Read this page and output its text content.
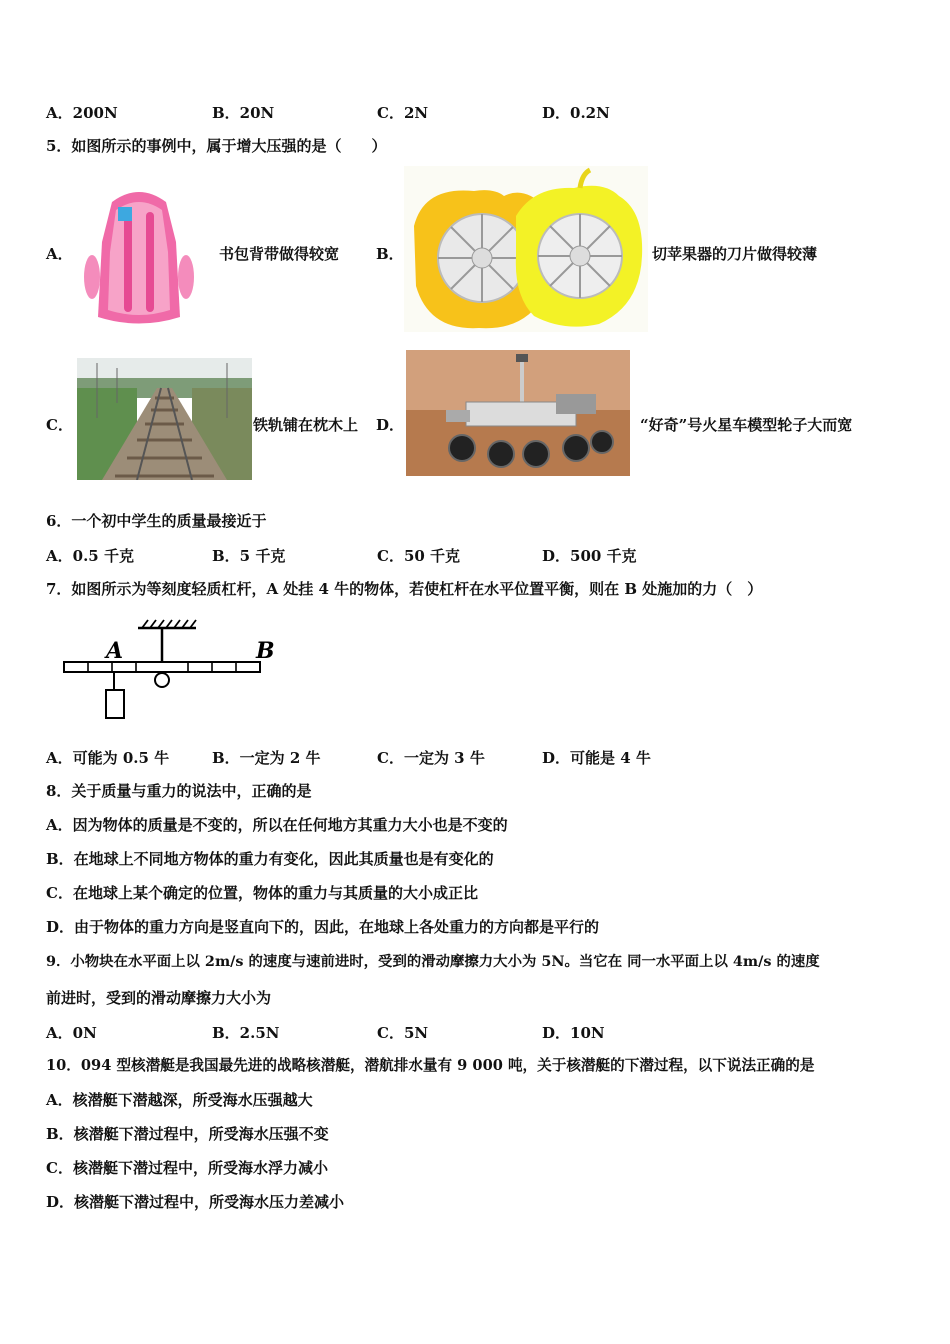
A．200N	B．20N	C．2N	D．0.2N
5．如图所示的事例中，属于增大压强的是（　　）
A．	书包背带做得较宽 B．	切苹果器的刀片做得较薄
C．	铁轨铺在枕木上 D．	“好奇”号火星车模型轮子大而宽
6．一个初中学生的质量最接近于
A．0.5 千克	B．5 千克	C．50 千克	D．500 千克
7．如图所示为等刻度轻质杠杆，A 处挂 4 牛的物体，若使杠杆在水平位置平衡，则在 B 处施加的力（　）
A	B
A．可能为 0.5 牛	B．一定为 2 牛	C．一定为 3 牛	D．可能是 4 牛
8．关于质量与重力的说法中，正确的是
A．因为物体的质量是不变的，所以在任何地方其重力大小也是不变的
B．在地球上不同地方物体的重力有变化，因此其质量也是有变化的
C．在地球上某个确定的位置，物体的重力与其质量的大小成正比
D．由于物体的重力方向是竖直向下的，因此，在地球上各处重力的方向都是平行的
9．小物块在水平面上以 2m/s 的速度与速前进时，受到的滑动摩擦力大小为 5N。当它在 同一水平面上以 4m/s 的速度
前进时，受到的滑动摩擦力大小为
A．0N	B．2.5N	C．5N	D．10N
10．094 型核潜艇是我国最先进的战略核潜艇，潜航排水量有 9 000 吨，关于核潜艇的下潜过程，以下说法正确的是
A．核潜艇下潜越深，所受海水压强越大
B．核潜艇下潜过程中，所受海水压强不变
C．核潜艇下潜过程中，所受海水浮力减小
D．核潜艇下潜过程中，所受海水压力差减小
